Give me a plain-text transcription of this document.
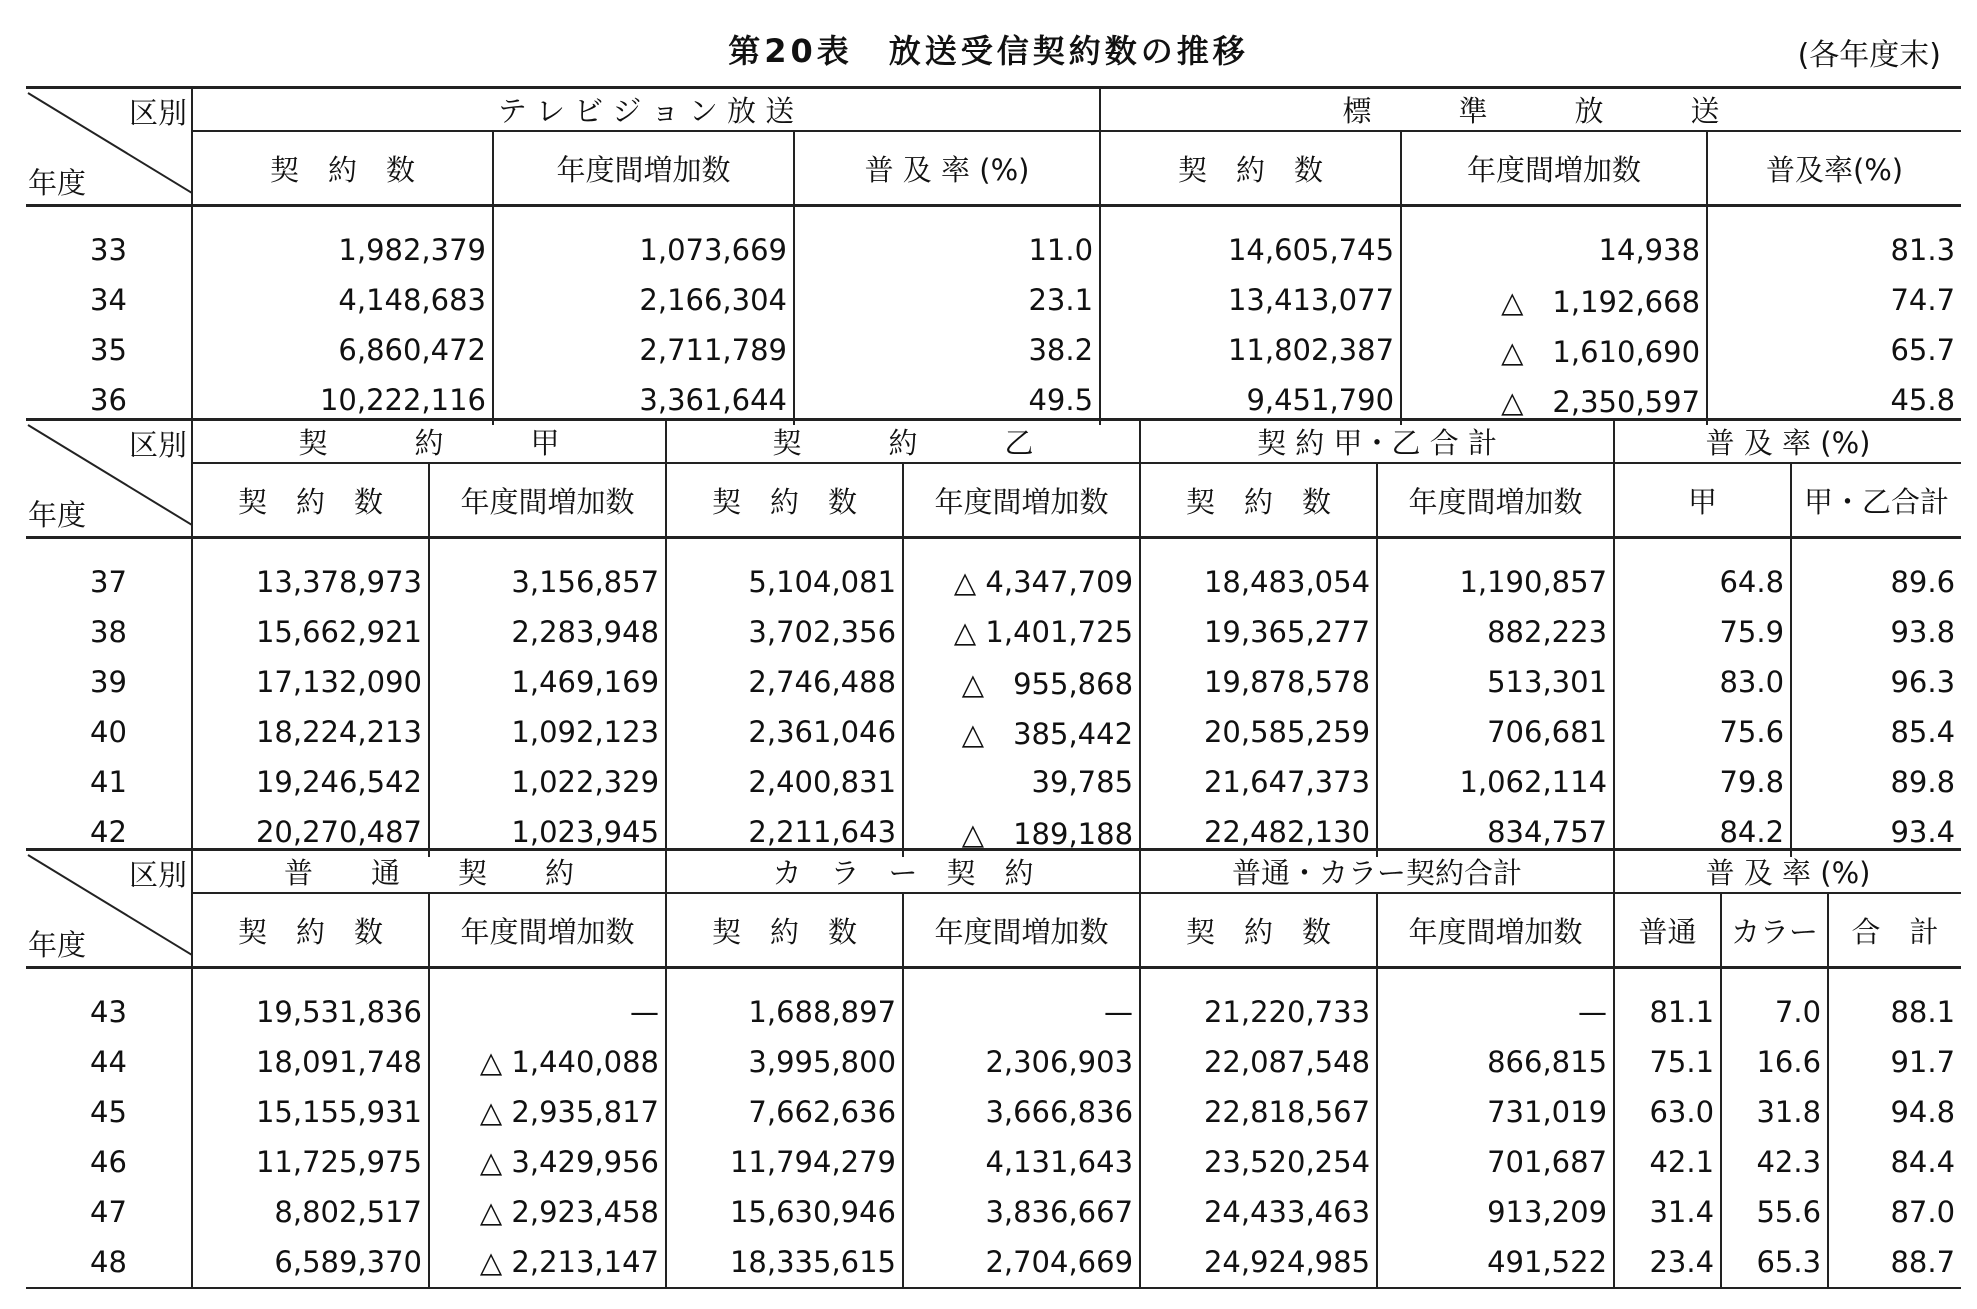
第20表　放送受信契約数の推移	(各年度末)
区別
年度	テ レ ビ ジ ョ ン 放 送			標　　　準　　　放　　　送		
	契　約　数	年度間増加数	普 及 率 (%)	契　約　数	年度間増加数	普及率(%)
33	1,982,379	1,073,669	11.0	14,605,745	14,938	81.3
34	4,148,683	2,166,304	23.1	13,413,077	△　1,192,668	74.7
35	6,860,472	2,711,789	38.2	11,802,387	△　1,610,690	65.7
36	10,222,116	3,361,644	49.5	9,451,790	△　2,350,597	45.8
区別
年度	契　　　約　　　甲		契　　　約　　　乙		契 約 甲・乙 合 計		普 及 率 (%)	
	契　約　数	年度間増加数	契　約　数	年度間増加数	契　約　数	年度間増加数	甲	甲・乙合計
37	13,378,973	3,156,857	5,104,081	△ 4,347,709	18,483,054	1,190,857	64.8	89.6
38	15,662,921	2,283,948	3,702,356	△ 1,401,725	19,365,277	882,223	75.9	93.8
39	17,132,090	1,469,169	2,746,488	△　955,868	19,878,578	513,301	83.0	96.3
40	18,224,213	1,092,123	2,361,046	△　385,442	20,585,259	706,681	75.6	85.4
41	19,246,542	1,022,329	2,400,831	39,785	21,647,373	1,062,114	79.8	89.8
42	20,270,487	1,023,945	2,211,643	△　189,188	22,482,130	834,757	84.2	93.4
区別
年度	普　　通　　契　　約		カ　ラ　ー　契　約		普通・カラー契約合計		普 及 率 (%)		
	契　約　数	年度間増加数	契　約　数	年度間増加数	契　約　数	年度間増加数	普通	カラー	合　計
43	19,531,836	—	1,688,897	—	21,220,733	—	81.1	7.0	88.1
44	18,091,748	△ 1,440,088	3,995,800	2,306,903	22,087,548	866,815	75.1	16.6	91.7
45	15,155,931	△ 2,935,817	7,662,636	3,666,836	22,818,567	731,019	63.0	31.8	94.8
46	11,725,975	△ 3,429,956	11,794,279	4,131,643	23,520,254	701,687	42.1	42.3	84.4
47	8,802,517	△ 2,923,458	15,630,946	3,836,667	24,433,463	913,209	31.4	55.6	87.0
48	6,589,370	△ 2,213,147	18,335,615	2,704,669	24,924,985	491,522	23.4	65.3	88.7
